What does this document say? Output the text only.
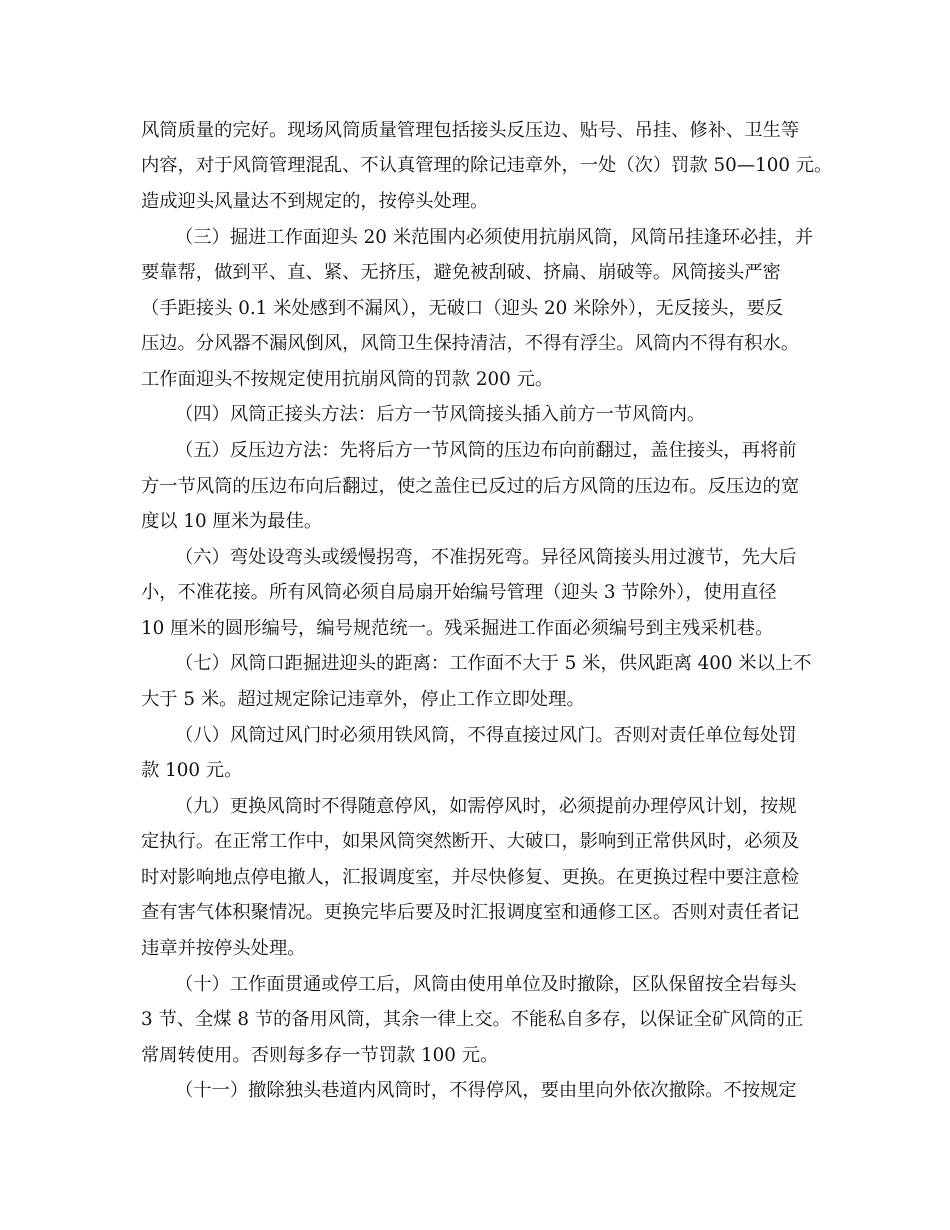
风筒质量的完好。现场风筒质量管理包括接头反压边、贴号、吊挂、修补、卫生等
内容，对于风筒管理混乱、不认真管理的除记违章外，一处（次）罚款 50—100 元。
造成迎头风量达不到规定的，按停头处理。
（三）掘进工作面迎头 20 米范围内必须使用抗崩风筒，风筒吊挂逢环必挂，并
要靠帮，做到平、直、紧、无挤压，避免被刮破、挤扁、崩破等。风筒接头严密
（手距接头 0.1 米处感到不漏风），无破口（迎头 20 米除外），无反接头，要反
压边。分风器不漏风倒风，风筒卫生保持清洁，不得有浮尘。风筒内不得有积水。
工作面迎头不按规定使用抗崩风筒的罚款 200 元。
（四）风筒正接头方法：后方一节风筒接头插入前方一节风筒内。
（五）反压边方法：先将后方一节风筒的压边布向前翻过，盖住接头，再将前
方一节风筒的压边布向后翻过，使之盖住已反过的后方风筒的压边布。反压边的宽
度以 10 厘米为最佳。
（六）弯处设弯头或缓慢拐弯，不准拐死弯。异径风筒接头用过渡节，先大后
小，不准花接。所有风筒必须自局扇开始编号管理（迎头 3 节除外），使用直径
10 厘米的圆形编号，编号规范统一。残采掘进工作面必须编号到主残采机巷。
（七）风筒口距掘进迎头的距离：工作面不大于 5 米，供风距离 400 米以上不
大于 5 米。超过规定除记违章外，停止工作立即处理。
（八）风筒过风门时必须用铁风筒，不得直接过风门。否则对责任单位每处罚
款 100 元。
（九）更换风筒时不得随意停风，如需停风时，必须提前办理停风计划，按规
定执行。在正常工作中，如果风筒突然断开、大破口，影响到正常供风时，必须及
时对影响地点停电撤人，汇报调度室，并尽快修复、更换。在更换过程中要注意检
查有害气体积聚情况。更换完毕后要及时汇报调度室和通修工区。否则对责任者记
违章并按停头处理。
（十）工作面贯通或停工后，风筒由使用单位及时撤除，区队保留按全岩每头
3 节、全煤 8 节的备用风筒，其余一律上交。不能私自多存，以保证全矿风筒的正
常周转使用。否则每多存一节罚款 100 元。
（十一）撤除独头巷道内风筒时，不得停风，要由里向外依次撤除。不按规定
